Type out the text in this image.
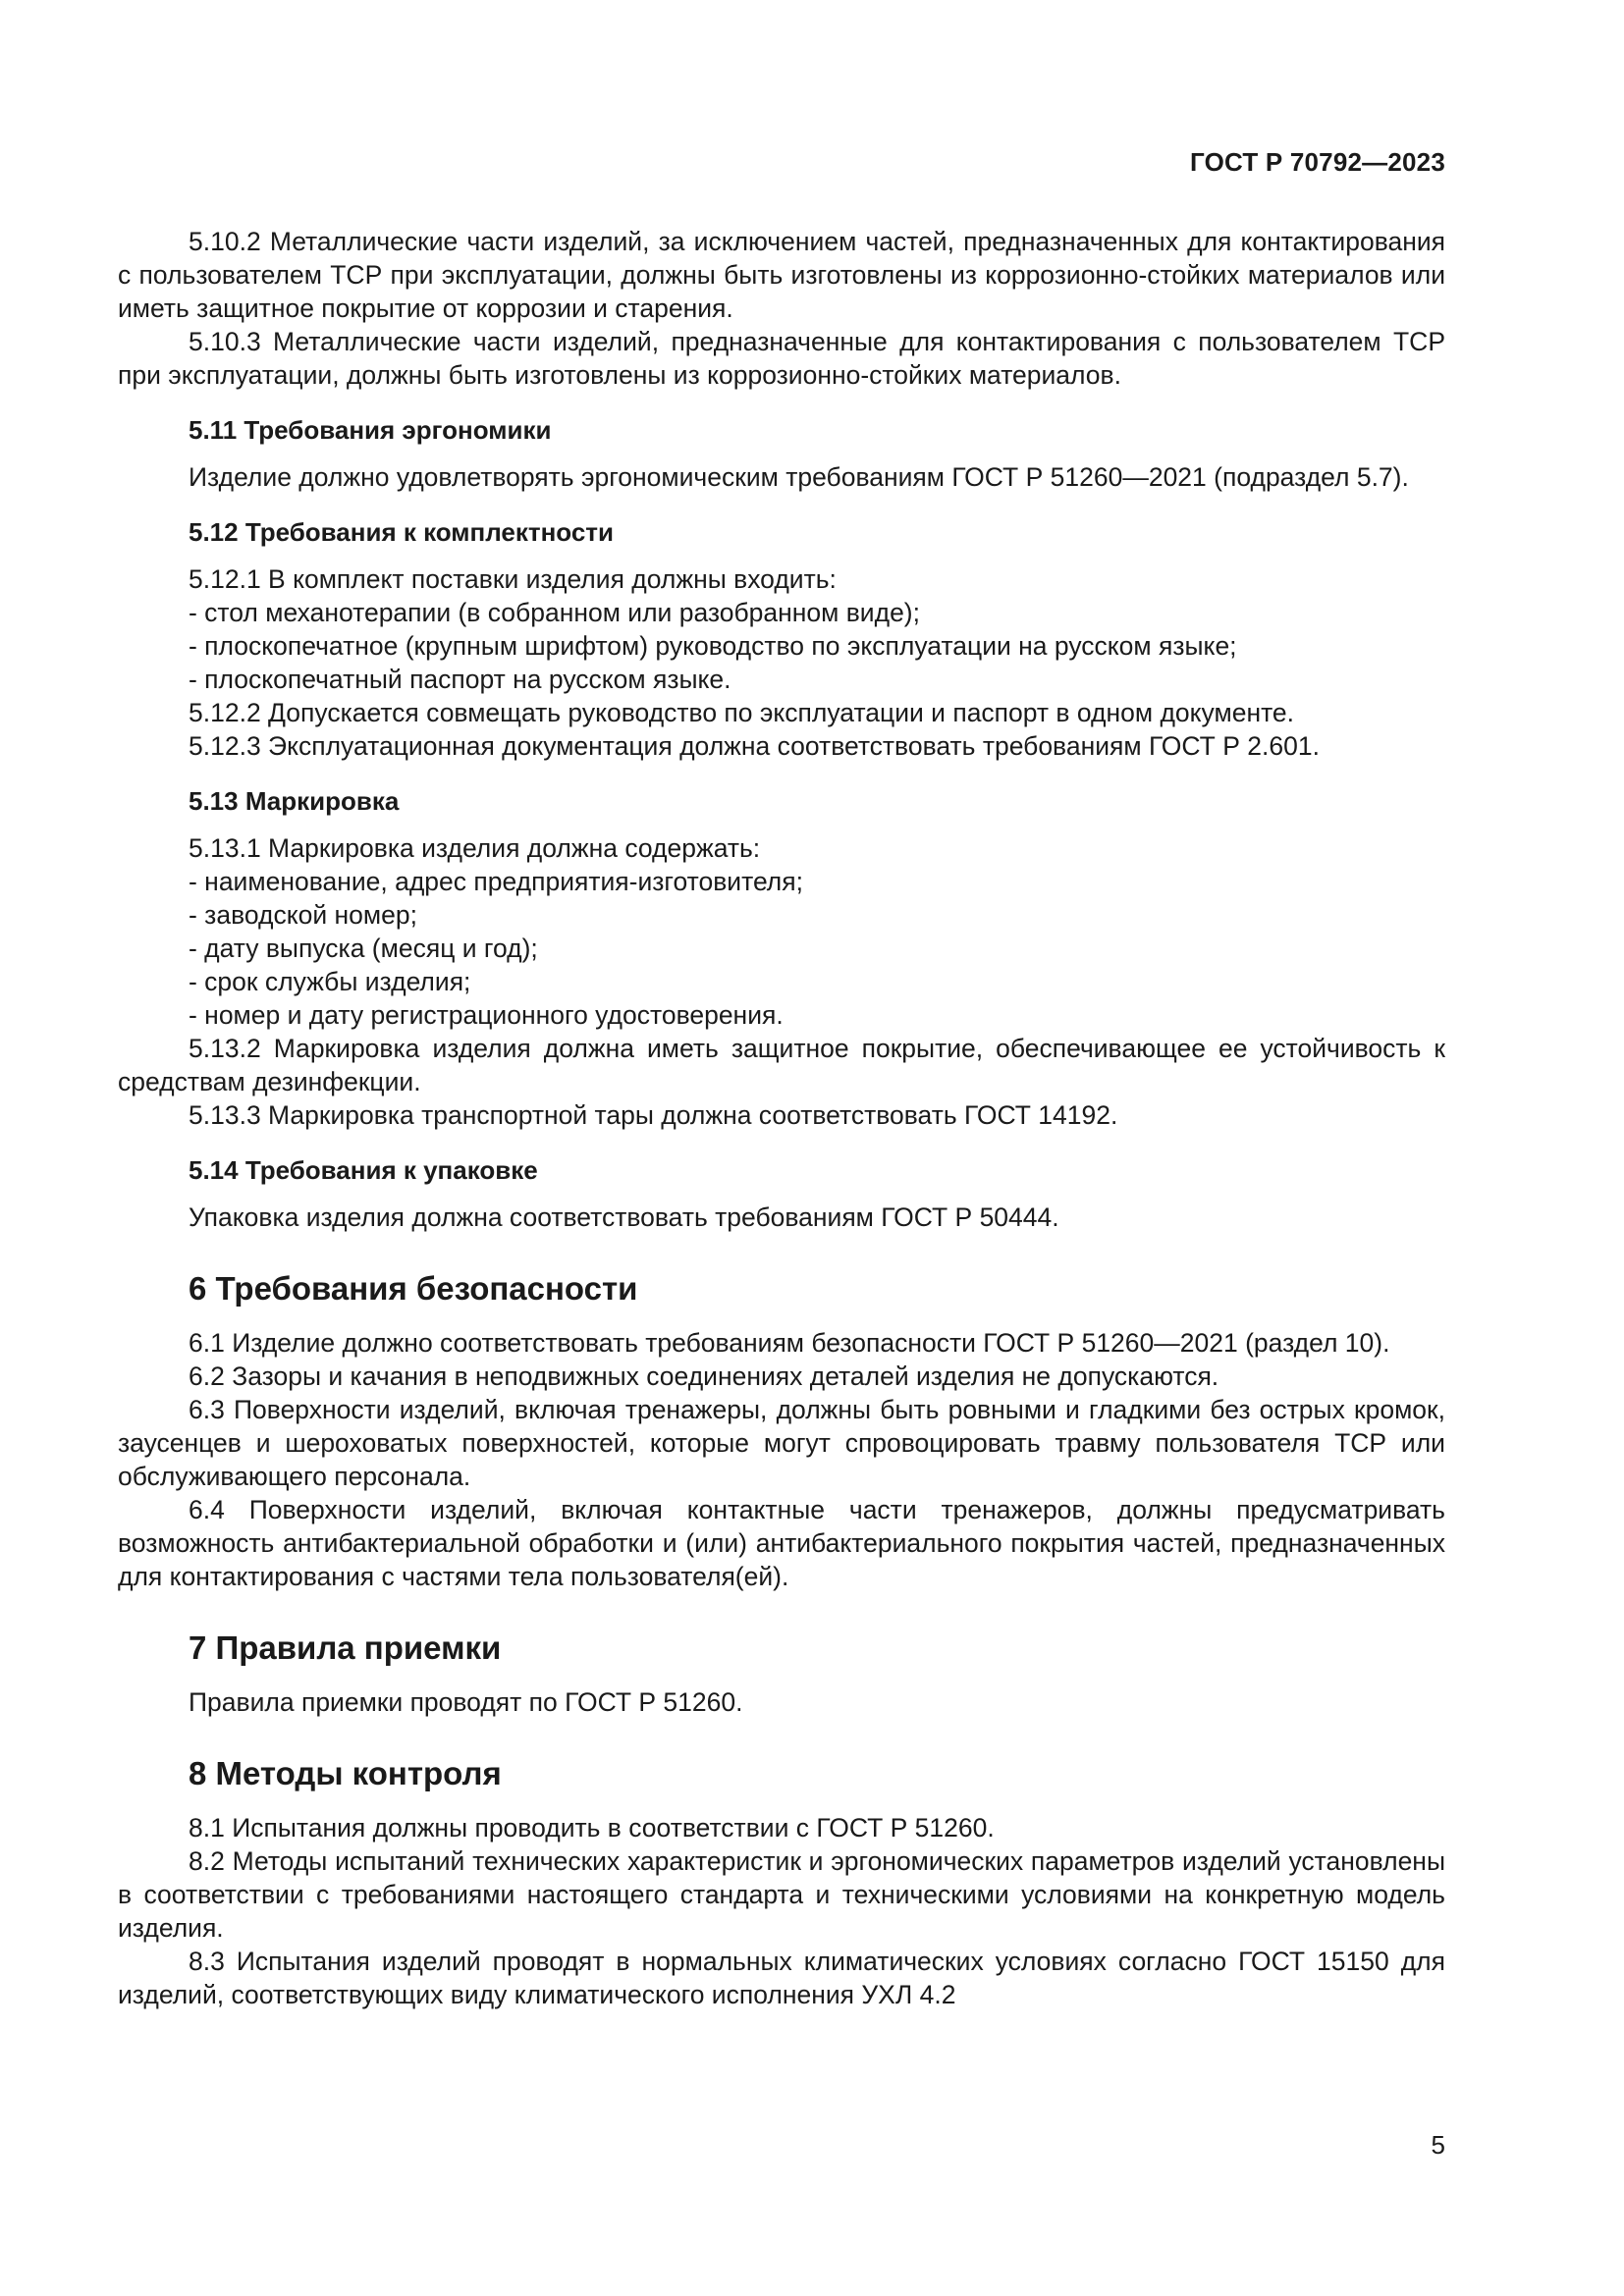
ГОСТ Р 70792—2023

5.10.2 Металлические части изделий, за исключением частей, предназначенных для контактирования с пользователем ТСР при эксплуатации, должны быть изготовлены из коррозионно-стойких материалов или иметь защитное покрытие от коррозии и старения.

5.10.3 Металлические части изделий, предназначенные для контактирования с пользователем ТСР при эксплуатации, должны быть изготовлены из коррозионно-стойких материалов.

5.11 Требования эргономики

Изделие должно удовлетворять эргономическим требованиям ГОСТ Р 51260—2021 (подраздел 5.7).

5.12 Требования к комплектности

5.12.1 В комплект поставки изделия должны входить:

- стол механотерапии (в собранном или разобранном виде);

- плоскопечатное (крупным шрифтом) руководство по эксплуатации на русском языке;

- плоскопечатный паспорт на русском языке.

5.12.2 Допускается совмещать руководство по эксплуатации и паспорт в одном документе.

5.12.3 Эксплуатационная документация должна соответствовать требованиям ГОСТ Р 2.601.

5.13 Маркировка

5.13.1 Маркировка изделия должна содержать:

- наименование, адрес предприятия-изготовителя;

- заводской номер;

- дату выпуска (месяц и год);

- срок службы изделия;

- номер и дату регистрационного удостоверения.

5.13.2 Маркировка изделия должна иметь защитное покрытие, обеспечивающее ее устойчивость к средствам дезинфекции.

5.13.3 Маркировка транспортной тары должна соответствовать ГОСТ 14192.

5.14 Требования к упаковке

Упаковка изделия должна соответствовать требованиям ГОСТ Р 50444.

6 Требования безопасности

6.1 Изделие должно соответствовать требованиям безопасности ГОСТ Р 51260—2021 (раздел 10).

6.2 Зазоры и качания в неподвижных соединениях деталей изделия не допускаются.

6.3 Поверхности изделий, включая тренажеры, должны быть ровными и гладкими без острых кромок, заусенцев и шероховатых поверхностей, которые могут спровоцировать травму пользователя ТСР или обслуживающего персонала.

6.4 Поверхности изделий, включая контактные части тренажеров, должны предусматривать возможность антибактериальной обработки и (или) антибактериального покрытия частей, предназначенных для контактирования с частями тела пользователя(ей).

7 Правила приемки

Правила приемки проводят по ГОСТ Р 51260.

8 Методы контроля

8.1 Испытания должны проводить в соответствии с ГОСТ Р 51260.

8.2 Методы испытаний технических характеристик и эргономических параметров изделий установлены в соответствии с требованиями настоящего стандарта и техническими условиями на конкретную модель изделия.

8.3 Испытания изделий проводят в нормальных климатических условиях согласно ГОСТ 15150 для изделий, соответствующих виду климатического исполнения УХЛ 4.2

5
